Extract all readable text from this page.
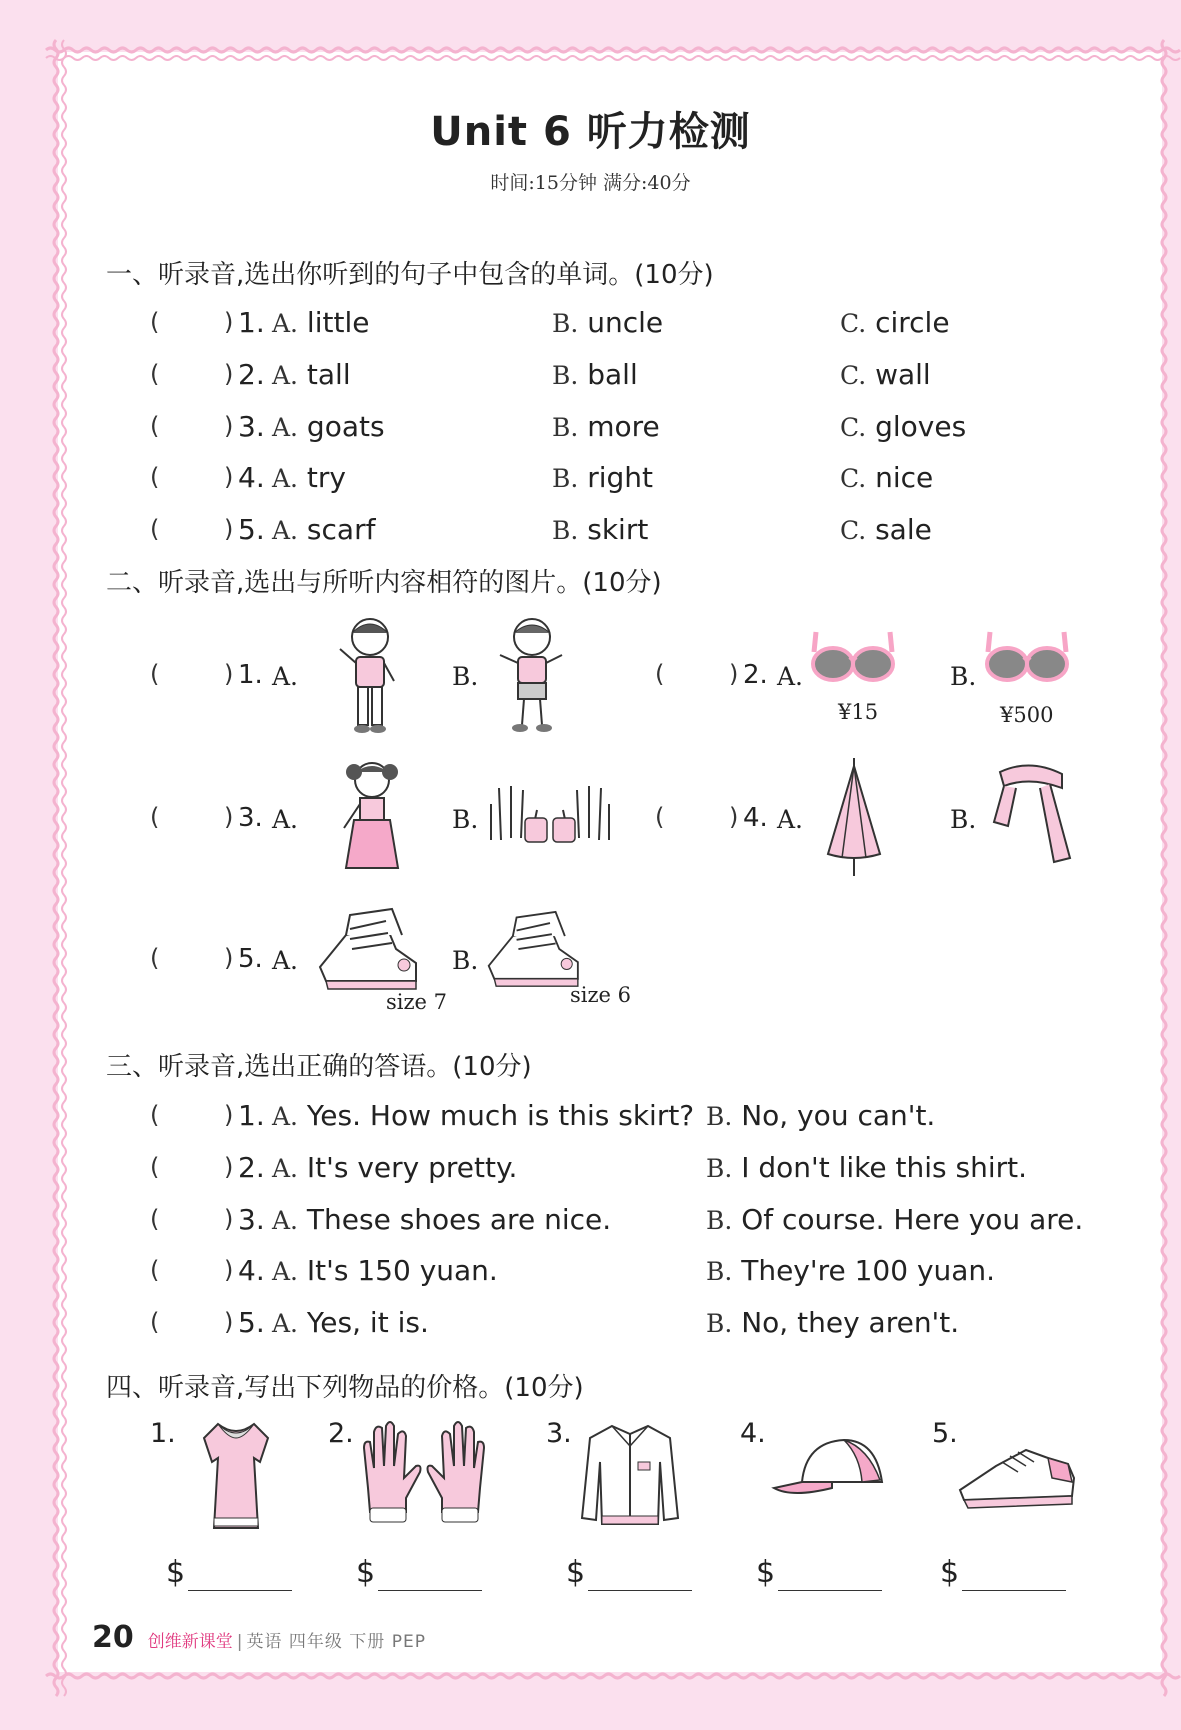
Unit 6 听力检测
时间:15分钟 满分:40分
一、听录音,选出你听到的句子中包含的单词。(10分)
(	) 1. A. little	B. uncle	C. circle
(	) 2. A. tall	B. ball	C. wall
(	) 3. A. goats	B. more	C. gloves
(	) 4. A. try	B. right	C. nice
(	) 5. A. scarf	B. skirt	C. sale
二、听录音,选出与所听内容相符的图片。(10分)
(	) 1. A.	B.	(	) 2. A.	B.
¥15	¥500
(	) 3. A.	B.	(	) 4. A.	B.
(	) 5. A.	B.
size 7	size 6
三、听录音,选出正确的答语。(10分)
(	) 1. A. Yes. How much is this skirt? B. No, you can't.
(	) 2. A. It's very pretty.	B. I don't like this shirt.
(	) 3. A. These shoes are nice.	B. Of course. Here you are.
(	) 4. A. It's 150 yuan.	B. They're 100 yuan.
(	) 5. A. Yes, it is.	B. No, they aren't.
四、听录音,写出下列物品的价格。(10分)
1.
$
2.
$
3.
$
4.
$
5.
$
20 创维新课堂 | 英语 四年级 下册 PEP
